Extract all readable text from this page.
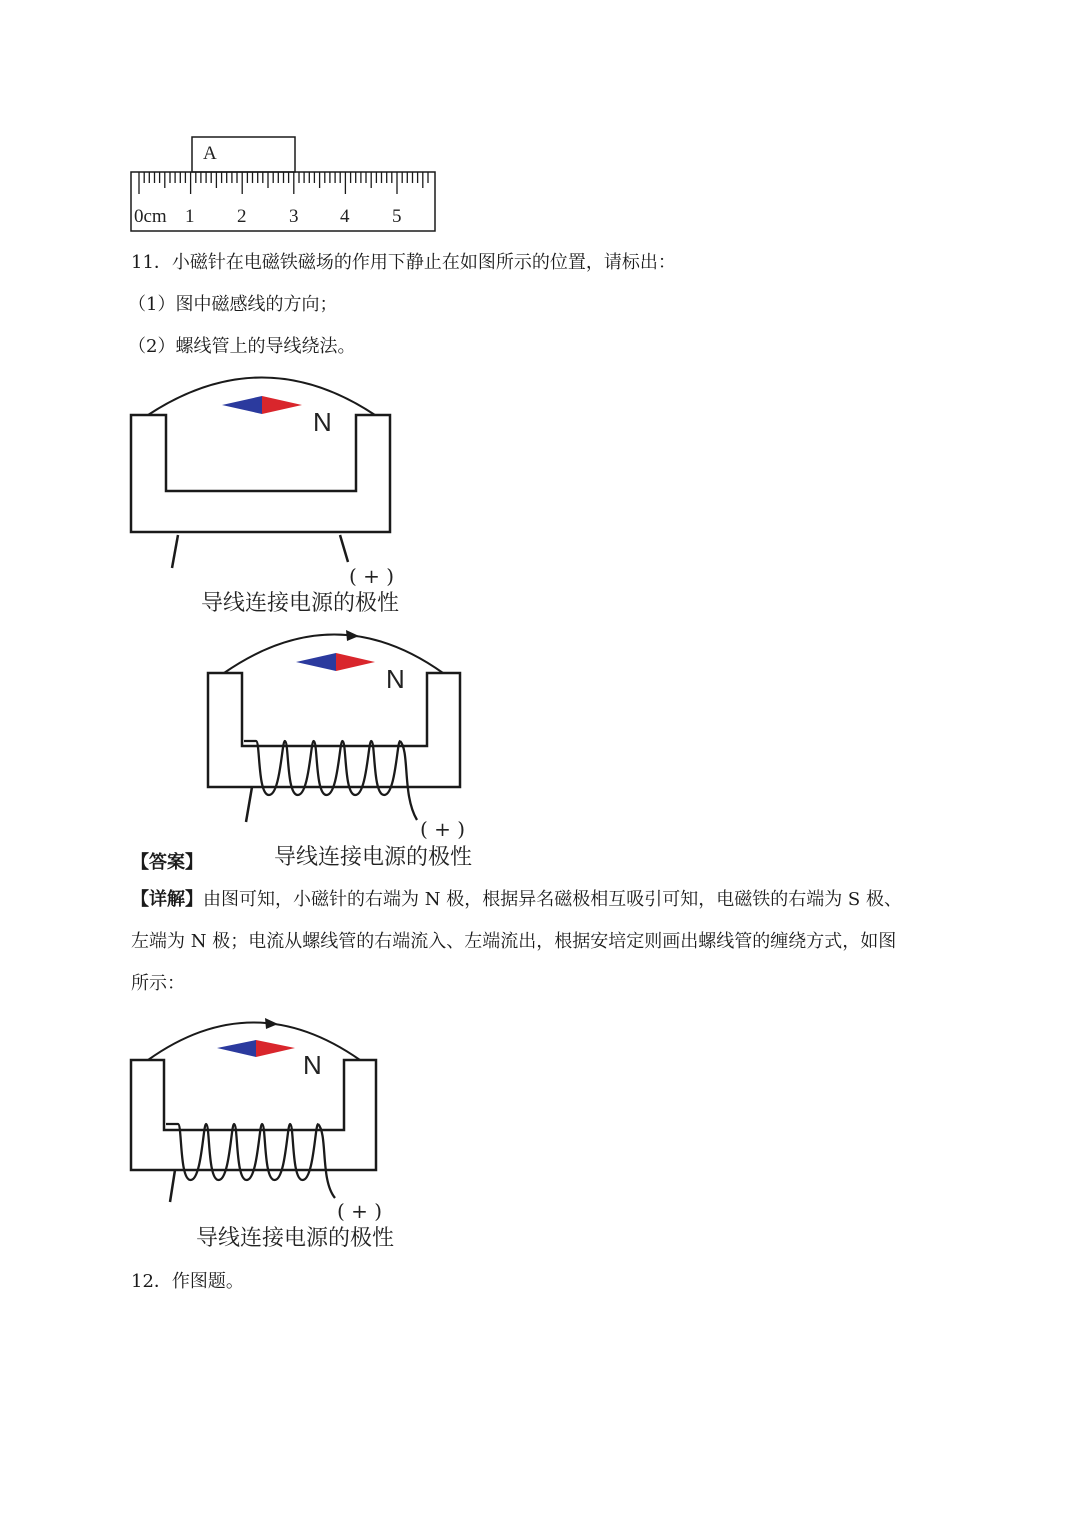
A
0cm 1 2 3 4 5
11．小磁针在电磁铁磁场的作用下静止在如图所示的位置，请标出：
（1）图中磁感线的方向；
（2）螺线管上的导线绕法。
N
( + )
导线连接电源的极性
N
( + )
导线连接电源的极性
【答案】
【详解】由图可知，小磁针的右端为 N 极，根据异名磁极相互吸引可知，电磁铁的右端为 S 极、
左端为 N 极；电流从螺线管的右端流入、左端流出，根据安培定则画出螺线管的缠绕方式，如图
所示：
N
( + )
导线连接电源的极性
12．作图题。
